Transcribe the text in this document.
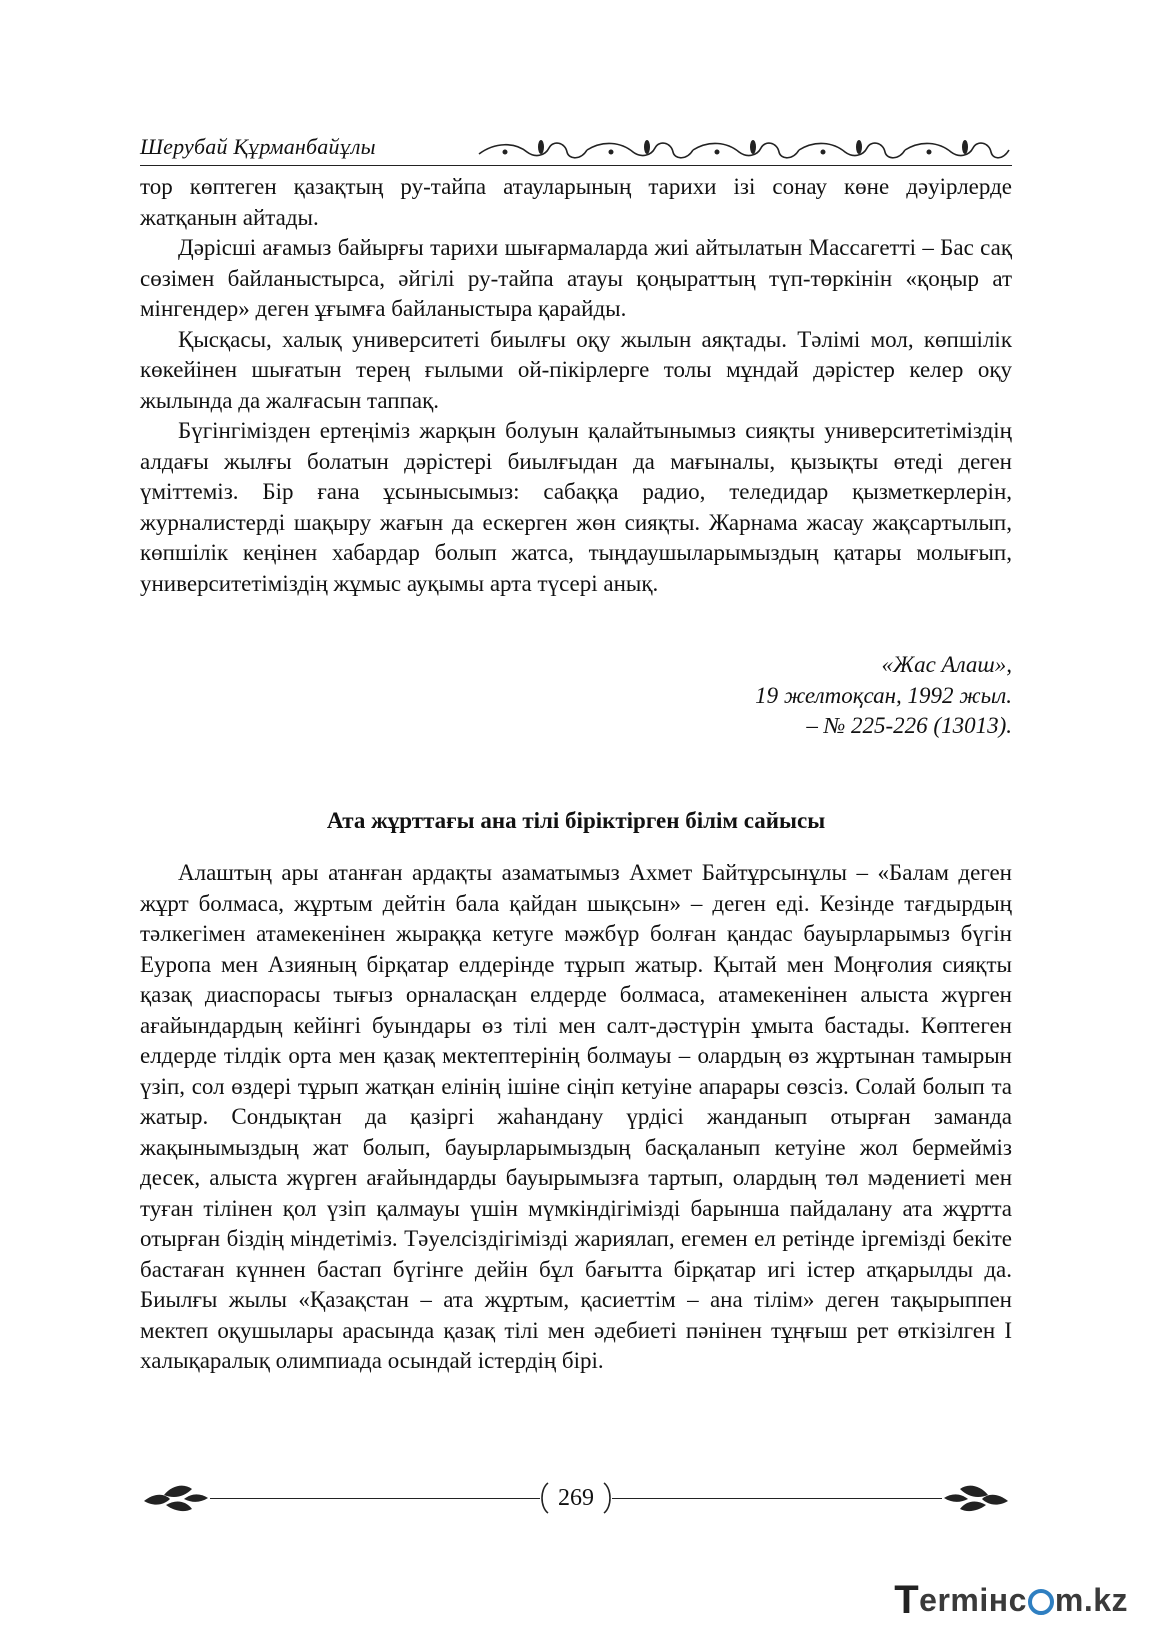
Шерубай Құрманбайұлы

тор көптеген қазақтың ру-тайпа атауларының тарихи ізі сонау көне дәуірлерде жатқанын айтады.

Дәрісші ағамыз байырғы тарихи шығармаларда жиі айтылатын Массагетті – Бас сақ сөзімен байланыстырса, әйгілі ру-тайпа атауы қоңыраттың түп-төркінін «қоңыр ат мінгендер» деген ұғымға байланыстыра қарайды.

Қысқасы, халық университеті биылғы оқу жылын аяқтады. Тәлімі мол, көпшілік көкейінен шығатын терең ғылыми ой-пікірлерге толы мұндай дәрістер келер оқу жылында да жалғасын таппақ.

Бүгінгімізден ертеңіміз жарқын болуын қалайтынымыз сияқты университетіміздің алдағы жылғы болатын дәрістері биылғыдан да мағыналы, қызықты өтеді деген үміттеміз. Бір ғана ұсынысымыз: сабаққа радио, теледидар қызметкерлерін, журналистерді шақыру жағын да ескерген жөн сияқты. Жарнама жасау жақсартылып, көпшілік кеңінен хабардар болып жатса, тыңдаушыларымыздың қатары молығып, университетіміздің жұмыс ауқымы арта түсері анық.

«Жас Алаш»,
19 желтоқсан, 1992 жыл.
– № 225-226 (13013).
Ата жұрттағы ана тілі біріктірген білім сайысы

Алаштың ары атанған ардақты азаматымыз Ахмет Байтұрсынұлы – «Балам деген жұрт болмаса, жұртым дейтін бала қайдан шықсын» – деген еді. Кезінде тағдырдың тәлкегімен атамекенінен жыраққа кетуге мәжбүр болған қандас бауырларымыз бүгін Еуропа мен Азияның бірқатар елдерінде тұрып жатыр. Қытай мен Моңғолия сияқты қазақ диаспорасы тығыз орналасқан елдерде болмаса, атамекенінен алыста жүрген ағайындардың кейінгі буындары өз тілі мен салт-дәстүрін ұмыта бастады. Көптеген елдерде тілдік орта мен қазақ мектептерінің болмауы – олардың өз жұртынан тамырын үзіп, сол өздері тұрып жатқан елінің ішіне сіңіп кетуіне апарары сөзсіз. Солай болып та жатыр. Сондықтан да қазіргі жаһандану үрдісі жанданып отырған заманда жақынымыздың жат болып, бауырларымыздың басқаланып кетуіне жол бермейміз десек, алыста жүрген ағайындарды бауырымызға тартып, олардың төл мәдениеті мен туған тілінен қол үзіп қалмауы үшін мүмкіндігімізді барынша пайдалану ата жұртта отырған біздің міндетіміз. Тәуелсіздігімізді жариялап, егемен ел ретінде іргемізді бекіте бастаған күннен бастап бүгінге дейін бұл бағытта бірқатар игі істер атқарылды да. Биылғы жылы «Қазақстан – ата жұртым, қасиеттім – ана тілім» деген тақырыппен мектеп оқушылары арасында қазақ тілі мен әдебиеті пәнінен тұңғыш рет өткізілген І халықаралық олимпиада осындай істердің бірі.

269
T ermінc m.kz
